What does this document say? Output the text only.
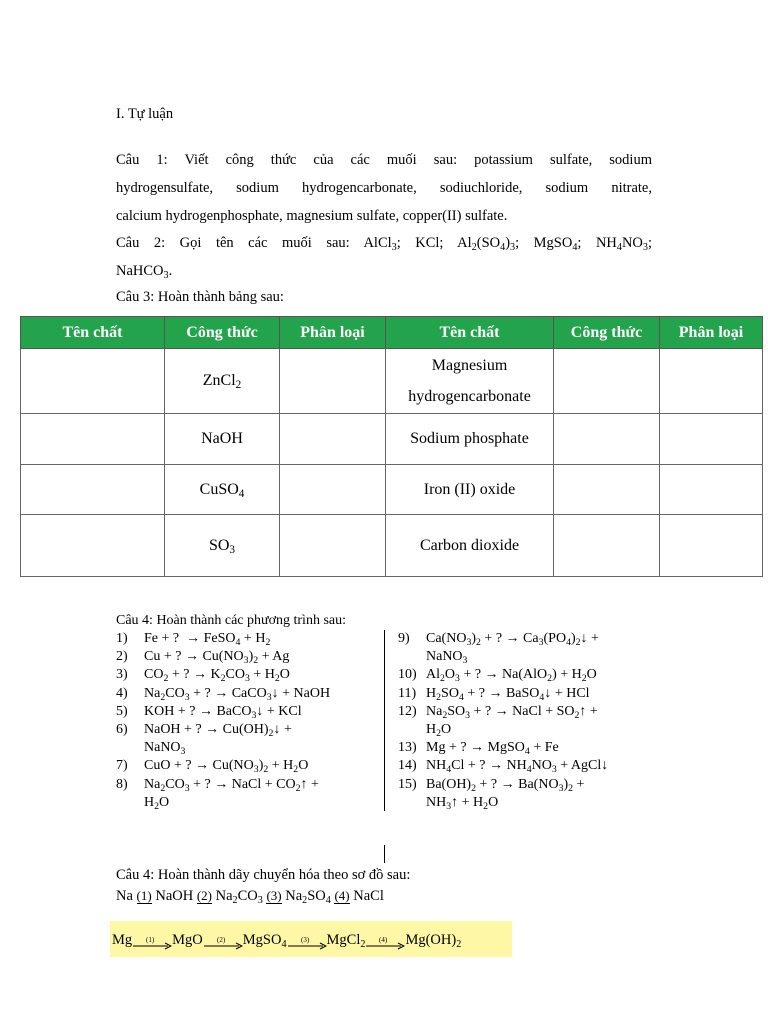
I. Tự luận
Câu 1: Viết công thức của các muối sau: potassium sulfate, sodium
hydrogensulfate, sodium hydrogencarbonate, sodiuchloride, sodium nitrate,
calcium hydrogenphosphate, magnesium sulfate, copper(II) sulfate.
Câu 2: Gọi tên các muối sau: AlCl$_3$; KCl; $Al_2(SO_4)_3$; MgSO$_4$; $NH_4NO_3$;
NaHCO$_3$.
Câu 3: Hoàn thành bảng sau:
Tên chất	Công thức	Phân loại	Tên chất	Công thức	Phân loại
	ZnCl$_2$		Magnesium hydrogencarbonate		
	NaOH		Sodium phosphate		
	CuSO$_4$		Iron (II) oxide		
	$SO_3$		Carbon dioxide		
Câu 4: Hoàn thành các phương trình sau:
1)	Fe + ?  → FeSO$_4$ + $H_2$
2)	Cu + ? → $Cu(NO_3)_2 + Ag$
3)	$CO_2$ + ? → $K_2CO_3 + H_2O$
4)	$Na_2CO_3$ + ? → CaCO$_3$↓ + NaOH
5)	KOH + ? → BaCO$_3$↓ + KCl
6)	NaOH + ? → $Cu(OH)_2↓$ +
NaNO$_3$
7)	CuO + ? → $Cu(NO_3)_2 + H_2O$
8)	$Na_2CO_3$ + ? → NaCl + $CO_2↑$ +
$H_2O$
9)	$Ca(NO_3)_2$ + ? → $Ca_3(PO_4)_2↓$ +
NaNO$_3$
10) $Al_2O_3$ + ? → $Na(AlO_2) + H_2O$
11) $H_2SO_4$ + ? → BaSO$_4$↓ + HCl
12) $Na_2SO_3$ + ? → NaCl + $SO_2↑$ +
$H_2O$
13) Mg + ? → MgSO$_4$ + Fe
14) $NH_4Cl$ + ? → $NH_4NO_3$ + AgCl↓
15) $Ba(OH)_2$ + ? → $Ba(NO_3)_2$ +
$NH_3↑ + H_2O$
Câu 4: Hoàn thành dãy chuyển hóa theo sơ đồ sau:
Na (1) NaOH (2) $Na_2CO_3$ (3) $Na_2SO_4$ (4) NaCl
Mg (1) MgO (2) MgSO$_4$ (3) MgCl$_2$ (4) $Mg(OH)_2$
